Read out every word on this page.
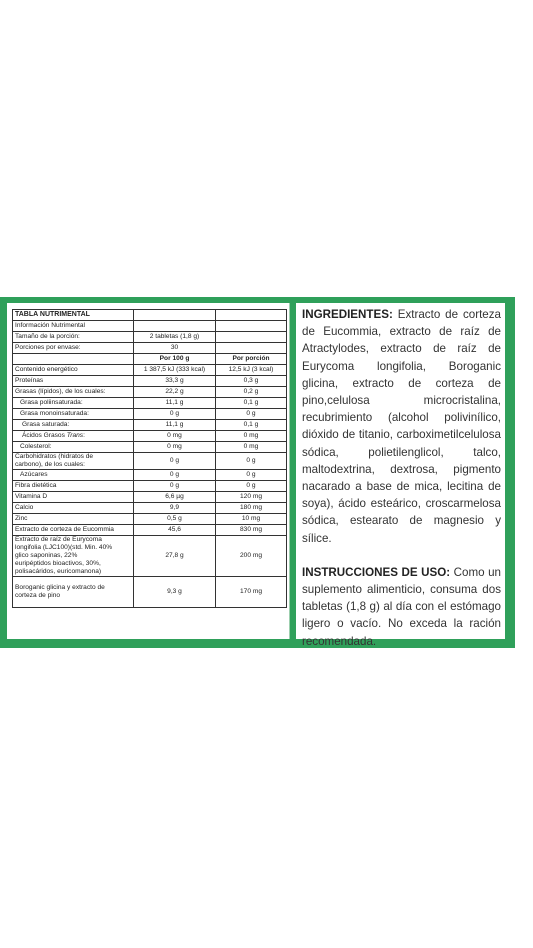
TABLA NUTRIMENTAL		
Información Nutrimental		
Tamaño de la porción:	2 tabletas (1,8 g)	
Porciones por envase:	30	
	Por 100 g	Por porción
Contenido energético	1 387,5 kJ (333 kcal)	12,5 kJ (3 kcal)
Proteínas	33,3 g	0,3 g
Grasas (lípidos), de los cuales:	22,2 g	0,2 g
Grasa poliinsaturada:	11,1 g	0,1 g
Grasa monoinsaturada:	0 g	0 g
Grasa saturada:	11,1 g	0,1 g
Ácidos Grasos Trans:	0 mg	0 mg
Colesterol:	0 mg	0 mg
Carbohidratos (hidratos de
carbono), de los cuales:	0 g	0 g
Azúcares	0 g	0 g
Fibra dietética	0 g	0 g
Vitamina D	6,6 µg	120 mg
Calcio	9,9	180 mg
Zinc	0,5 g	10 mg
Extracto de corteza de Eucommia	45,6	830 mg
Extracto de raíz de Eurycoma
longifolia (LJC100)(std. Min. 40%
glico saponinas, 22%
euripéptidos bioactivos, 30%,
polisacáridos, euricomanona)	27,8 g	200 mg
Boroganic glicina y extracto de
corteza de pino	9,3 g	170 mg
INGREDIENTES: Extracto de corteza de Eucommia, extracto de raíz de Atractylodes, extracto de raíz de Eurycoma longifolia, Boroganic glicina, extracto de corteza de pino,celulosa microcristalina, recubrimiento (alcohol polivinílico, dióxido de titanio, carboximetilcelulosa sódica, polietilenglicol, talco, maltodextrina, dextrosa, pigmento nacarado a base de mica, lecitina de soya), ácido esteárico, croscarmelosa sódica, estearato de magnesio y sílice.
INSTRUCCIONES DE USO: Como un suplemento alimenticio, consuma dos tabletas (1,8 g) al día con el estómago ligero o vacío. No exceda la ración recomendada.
